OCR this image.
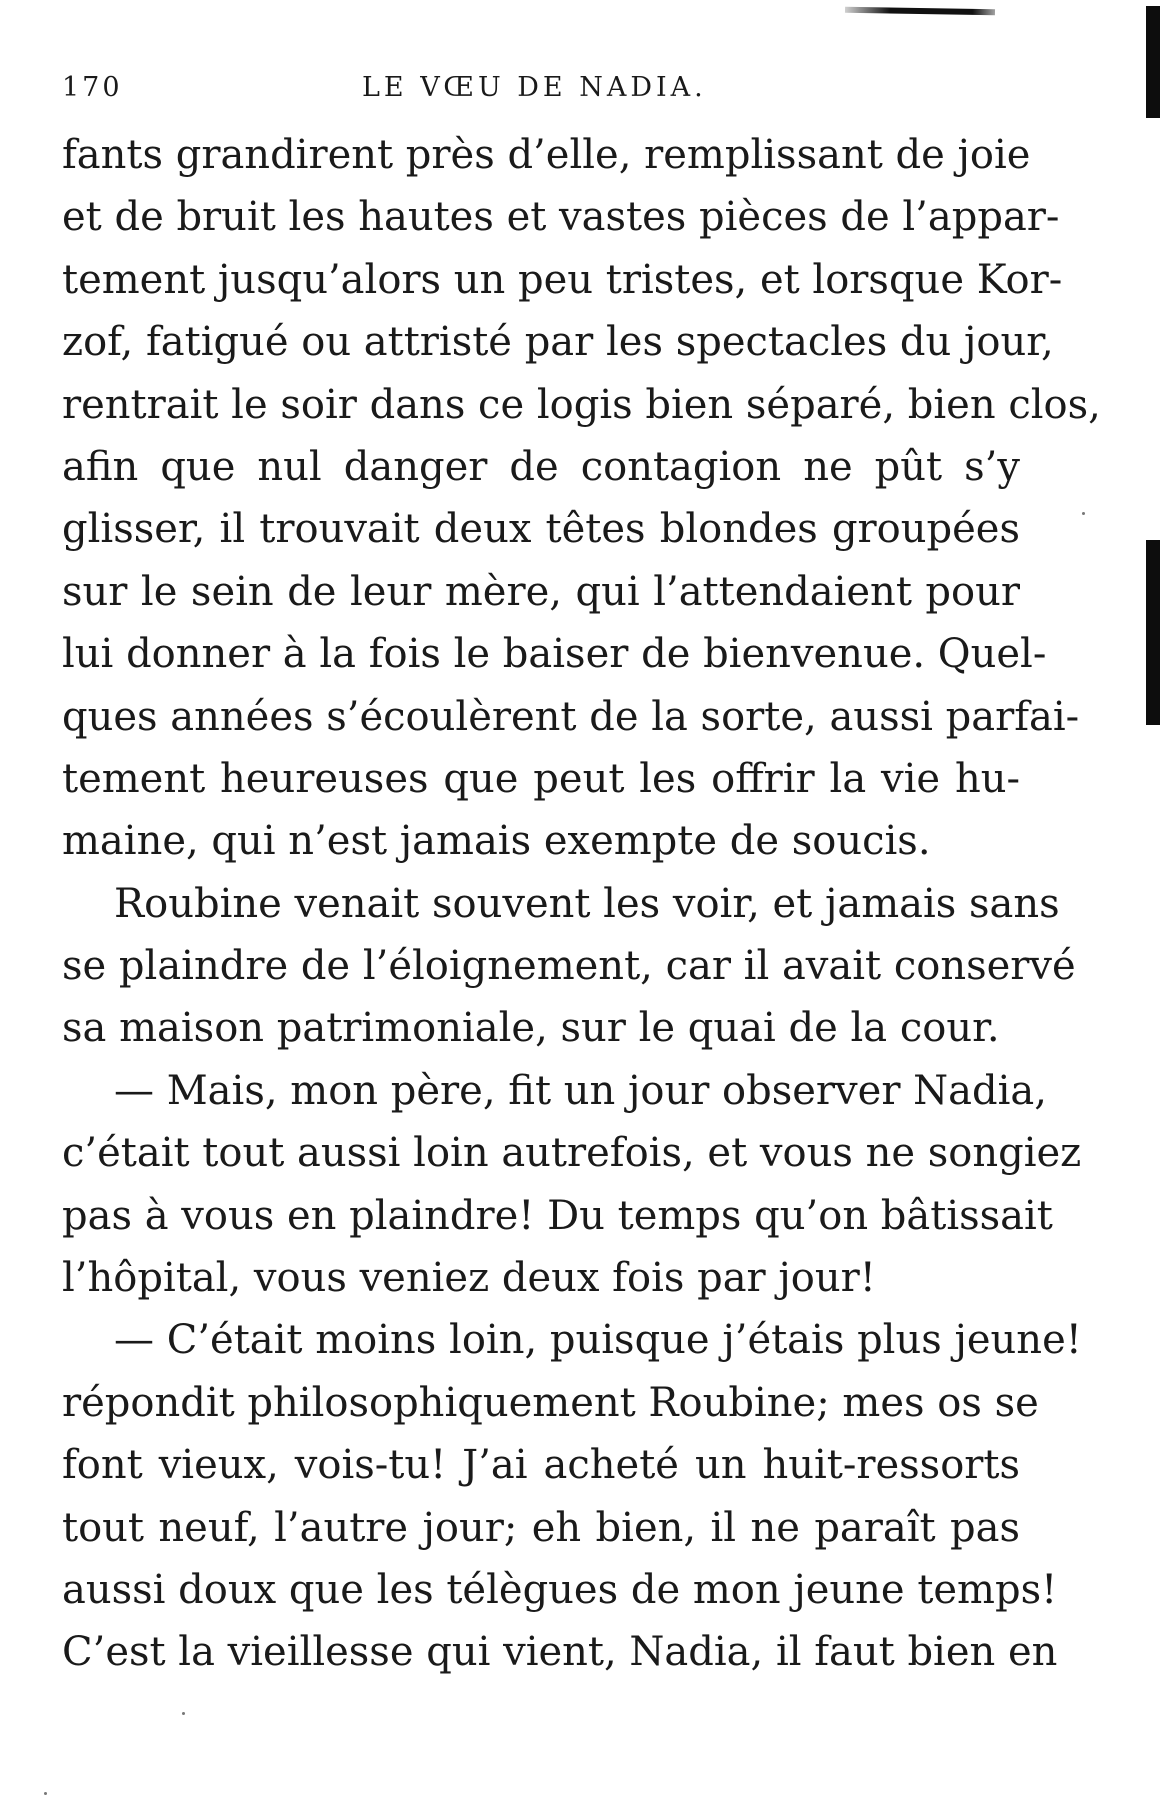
170	LE VŒU DE NADIA.
fants grandirent près d’elle, remplissant de joie
et de bruit les hautes et vastes pièces de l’appar-
tement jusqu’alors un peu tristes, et lorsque Kor-
zof, fatigué ou attristé par les spectacles du jour,
rentrait le soir dans ce logis bien séparé, bien clos,
afin que nul danger de contagion ne pût s’y
glisser, il trouvait deux têtes blondes groupées
sur le sein de leur mère, qui l’attendaient pour
lui donner à la fois le baiser de bienvenue. Quel-
ques années s’écoulèrent de la sorte, aussi parfai-
tement heureuses que peut les offrir la vie hu-
maine, qui n’est jamais exempte de soucis.
Roubine venait souvent les voir, et jamais sans
se plaindre de l’éloignement, car il avait conservé
sa maison patrimoniale, sur le quai de la cour.
— Mais, mon père, fit un jour observer Nadia,
c’était tout aussi loin autrefois, et vous ne songiez
pas à vous en plaindre! Du temps qu’on bâtissait
l’hôpital, vous veniez deux fois par jour!
— C’était moins loin, puisque j’étais plus jeune!
répondit philosophiquement Roubine; mes os se
font vieux, vois-tu! J’ai acheté un huit-ressorts
tout neuf, l’autre jour; eh bien, il ne paraît pas
aussi doux que les télègues de mon jeune temps!
C’est la vieillesse qui vient, Nadia, il faut bien en
